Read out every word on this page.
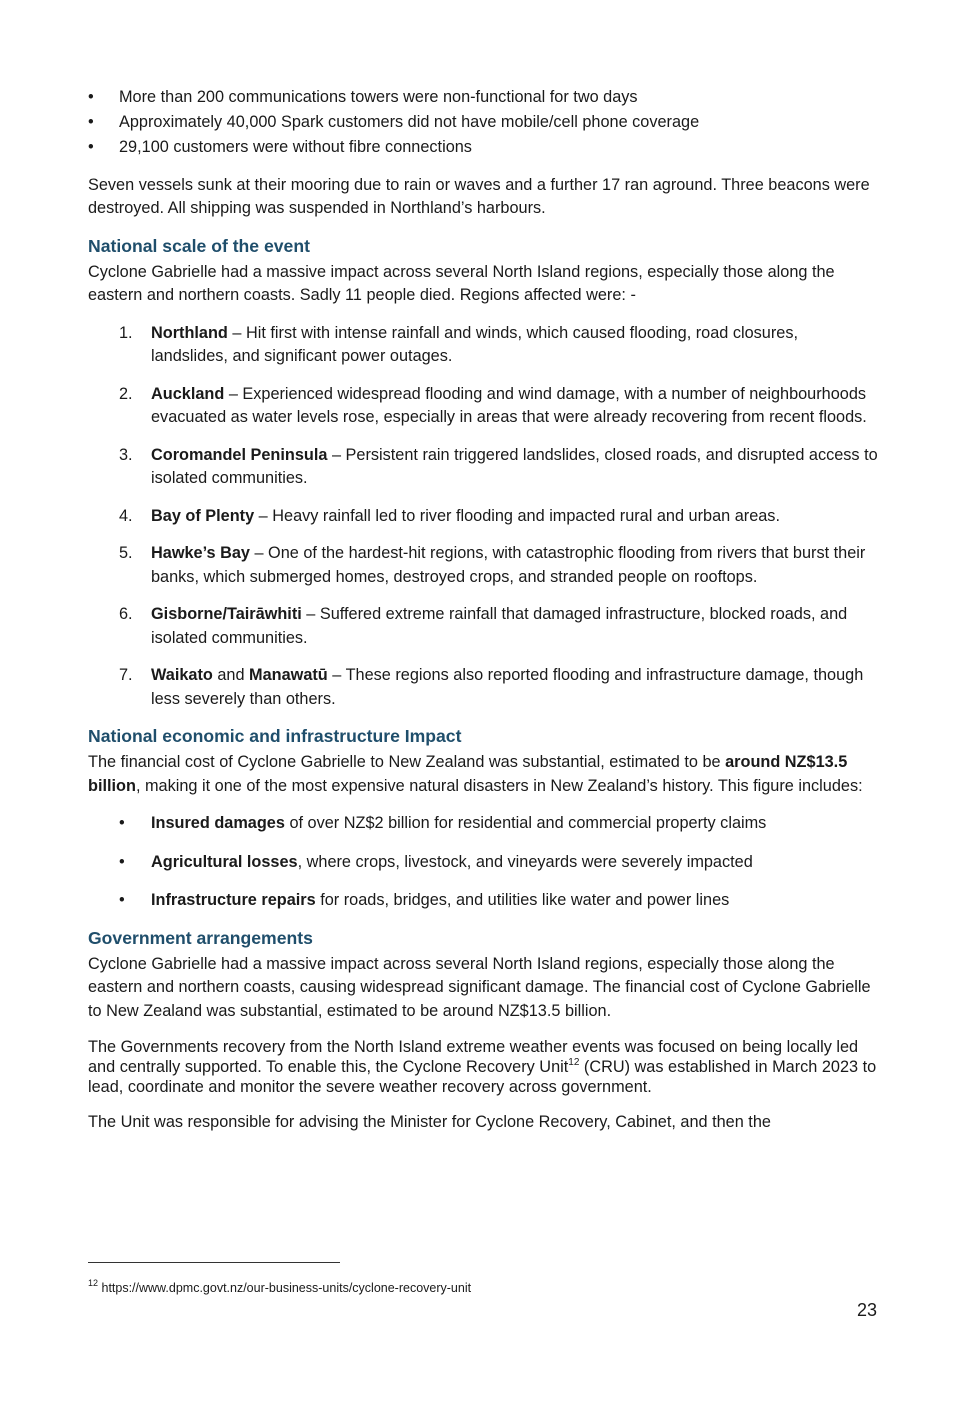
• More than 200 communications towers were non-functional for two days
• Approximately 40,000 Spark customers did not have mobile/cell phone coverage
• 29,100 customers were without fibre connections

Seven vessels sunk at their mooring due to rain or waves and a further 17 ran aground. Three beacons were destroyed. All shipping was suspended in Northland’s harbours.

National scale of the event

Cyclone Gabrielle had a massive impact across several North Island regions, especially those along the eastern and northern coasts. Sadly 11 people died. Regions affected were: -

1. Northland – Hit first with intense rainfall and winds, which caused flooding, road closures, landslides, and significant power outages.
2. Auckland – Experienced widespread flooding and wind damage, with a number of neighbourhoods evacuated as water levels rose, especially in areas that were already recovering from recent floods.
3. Coromandel Peninsula – Persistent rain triggered landslides, closed roads, and disrupted access to isolated communities.
4. Bay of Plenty – Heavy rainfall led to river flooding and impacted rural and urban areas.
5. Hawke’s Bay – One of the hardest-hit regions, with catastrophic flooding from rivers that burst their banks, which submerged homes, destroyed crops, and stranded people on rooftops.
6. Gisborne/Tairāwhiti – Suffered extreme rainfall that damaged infrastructure, blocked roads, and isolated communities.
7. Waikato and Manawatū – These regions also reported flooding and infrastructure damage, though less severely than others.
National economic and infrastructure Impact

The financial cost of Cyclone Gabrielle to New Zealand was substantial, estimated to be around NZ$13.5 billion, making it one of the most expensive natural disasters in New Zealand’s history. This figure includes:

• Insured damages of over NZ$2 billion for residential and commercial property claims
• Agricultural losses, where crops, livestock, and vineyards were severely impacted
• Infrastructure repairs for roads, bridges, and utilities like water and power lines
Government arrangements

Cyclone Gabrielle had a massive impact across several North Island regions, especially those along the eastern and northern coasts, causing widespread significant damage. The financial cost of Cyclone Gabrielle to New Zealand was substantial, estimated to be around NZ$13.5 billion.

The Governments recovery from the North Island extreme weather events was focused on being locally led and centrally supported. To enable this, the Cyclone Recovery Unit$^{12}$ (CRU) was established in March 2023 to lead, coordinate and monitor the severe weather recovery across government.

The Unit was responsible for advising the Minister for Cyclone Recovery, Cabinet, and then the

$^{12}$ https://www.dpmc.govt.nz/our-business-units/cyclone-recovery-unit
23
